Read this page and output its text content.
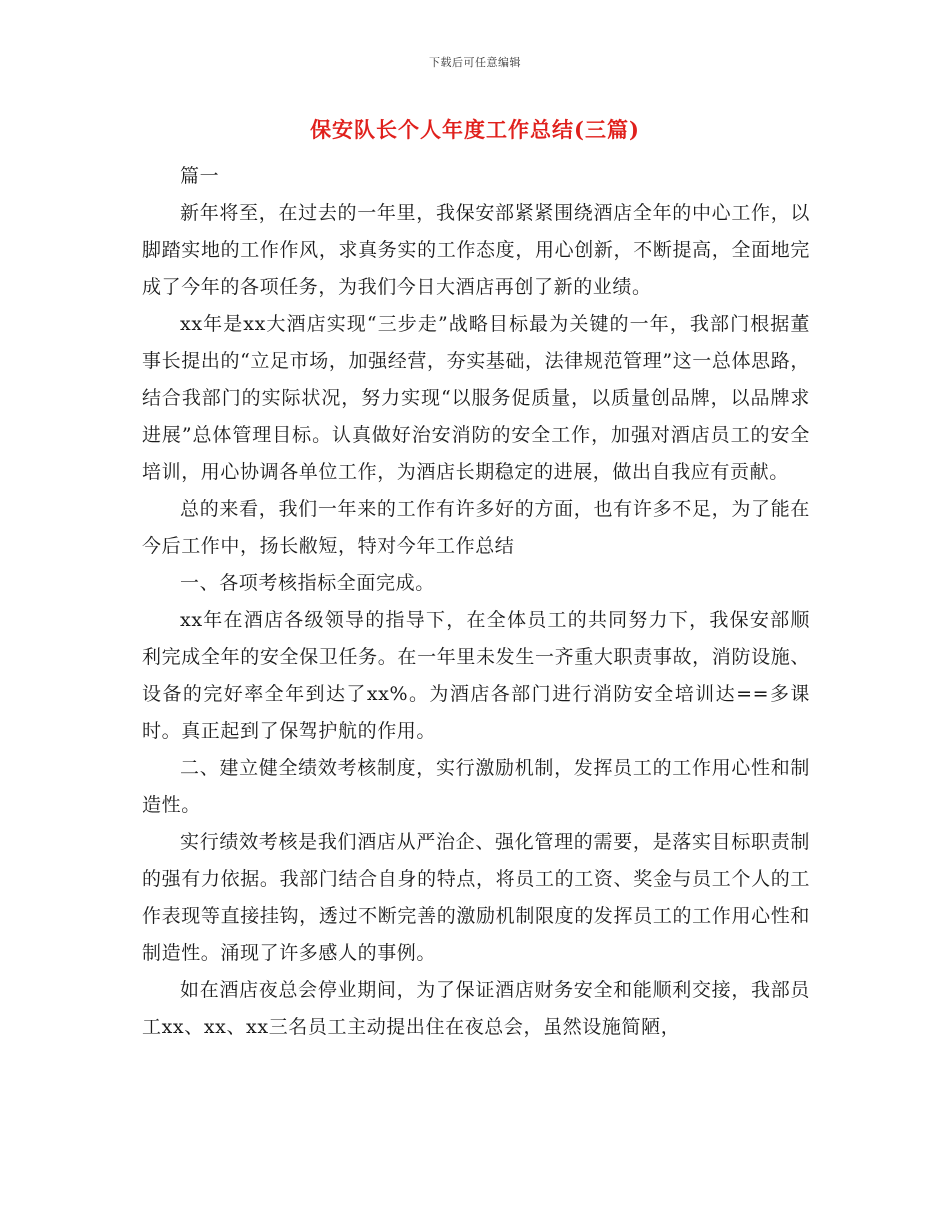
下载后可任意编辑
保安队长个人年度工作总结(三篇)

篇一

新年将至，在过去的一年里，我保安部紧紧围绕酒店全年的中心工作，以脚踏实地的工作作风，求真务实的工作态度，用心创新，不断提高，全面地完成了今年的各项任务，为我们今日大酒店再创了新的业绩。

xx年是xx大酒店实现“三步走”战略目标最为关键的一年，我部门根据董事长提出的“立足市场，加强经营，夯实基础，法律规范管理”这一总体思路，结合我部门的实际状况，努力实现“以服务促质量，以质量创品牌，以品牌求进展”总体管理目标。认真做好治安消防的安全工作，加强对酒店员工的安全培训，用心协调各单位工作，为酒店长期稳定的进展，做出自我应有贡献。

总的来看，我们一年来的工作有许多好的方面，也有许多不足，为了能在今后工作中，扬长敝短，特对今年工作总结

一、各项考核指标全面完成。

xx年在酒店各级领导的指导下，在全体员工的共同努力下，我保安部顺利完成全年的安全保卫任务。在一年里未发生一齐重大职责事故，消防设施、设备的完好率全年到达了xx%。为酒店各部门进行消防安全培训达==多课时。真正起到了保驾护航的作用。

二、建立健全绩效考核制度，实行激励机制，发挥员工的工作用心性和制造性。

实行绩效考核是我们酒店从严治企、强化管理的需要，是落实目标职责制的强有力依据。我部门结合自身的特点，将员工的工资、奖金与员工个人的工作表现等直接挂钩，透过不断完善的激励机制限度的发挥员工的工作用心性和制造性。涌现了许多感人的事例。

如在酒店夜总会停业期间，为了保证酒店财务安全和能顺利交接，我部员工xx、xx、xx三名员工主动提出住在夜总会，虽然设施简陋，
